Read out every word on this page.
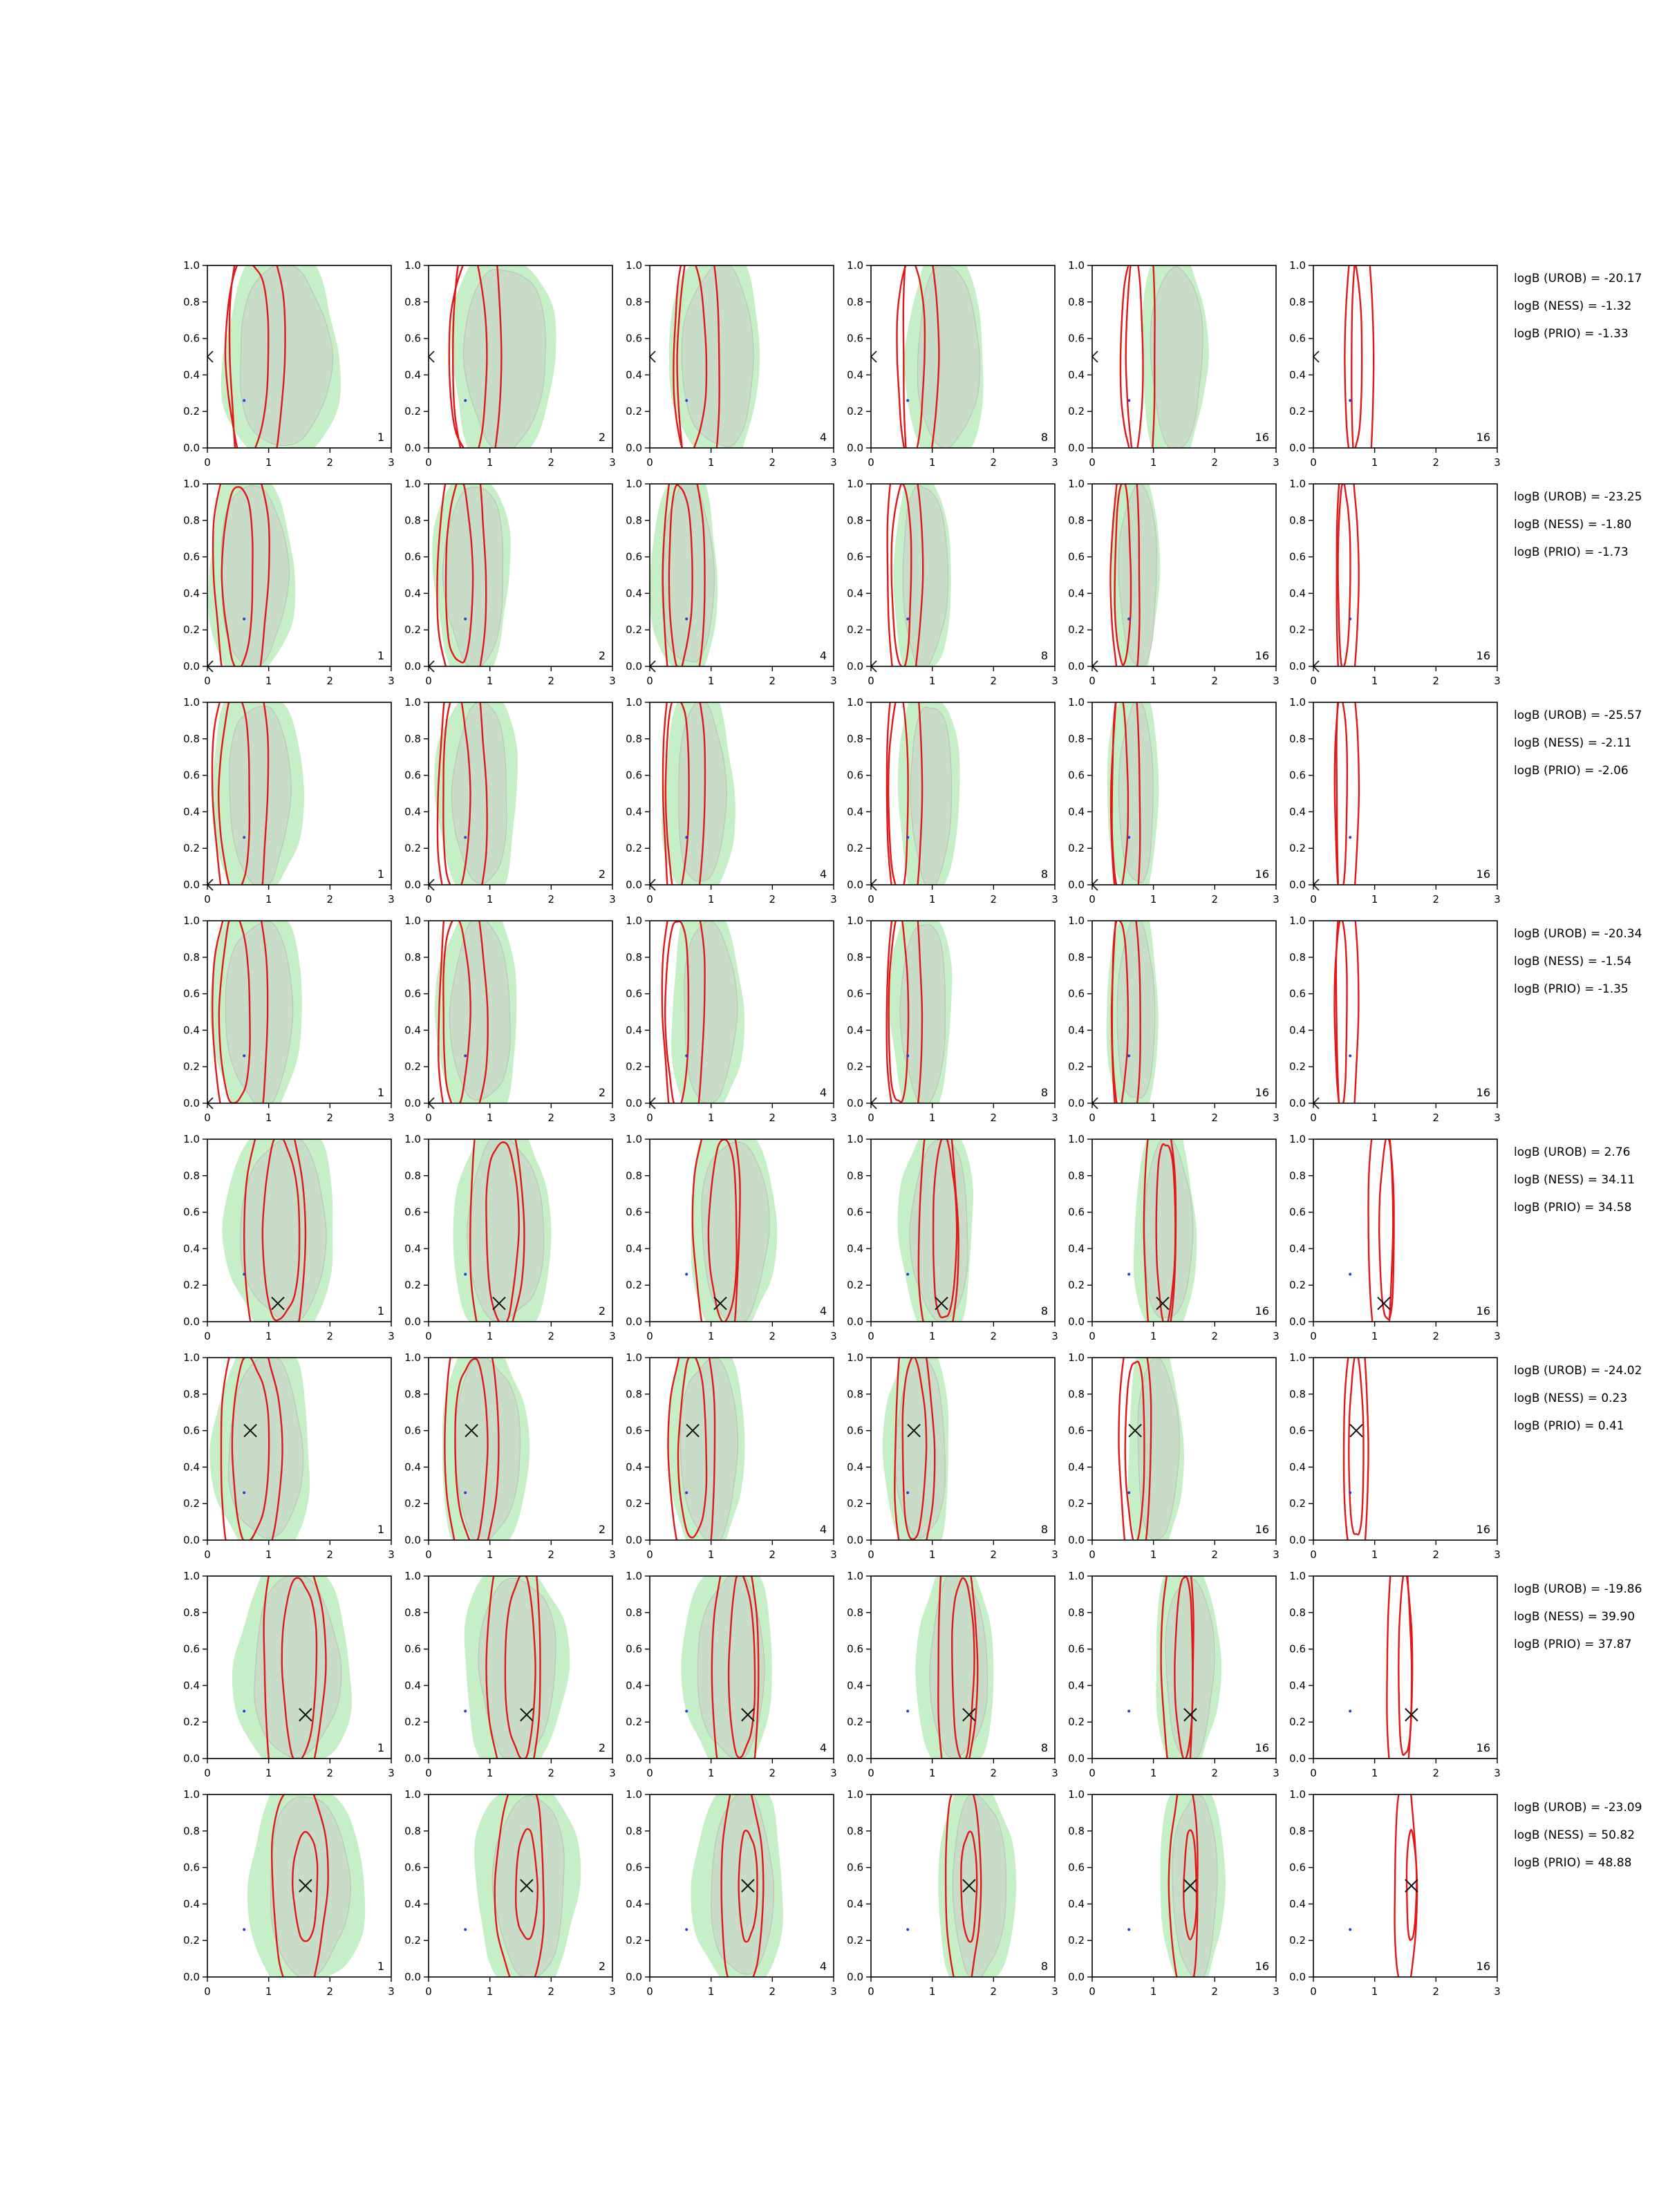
0	1	2	3
0.0
0.2
0.4
0.6
0.8
1.0
1
0	1	2	3
0.0
0.2
0.4
0.6
0.8
1.0
2
0	1	2	3
0.0
0.2
0.4
0.6
0.8
1.0
4
0	1	2	3
0.0
0.2
0.4
0.6
0.8
1.0
8
0	1	2	3
0.0
0.2
0.4
0.6
0.8
1.0
16
0	1	2	3
0.0
0.2
0.4
0.6
0.8
1.0
16
logB (UROB) = -20.17
logB (NESS) = -1.32
logB (PRIO) = -1.33
0	1	2	3
0.0
0.2
0.4
0.6
0.8
1.0
1
0	1	2	3
0.0
0.2
0.4
0.6
0.8
1.0
2
0	1	2	3
0.0
0.2
0.4
0.6
0.8
1.0
4
0	1	2	3
0.0
0.2
0.4
0.6
0.8
1.0
8
0	1	2	3
0.0
0.2
0.4
0.6
0.8
1.0
16
0	1	2	3
0.0
0.2
0.4
0.6
0.8
1.0
16
logB (UROB) = -23.25
logB (NESS) = -1.80
logB (PRIO) = -1.73
0	1	2	3
0.0
0.2
0.4
0.6
0.8
1.0
1
0	1	2	3
0.0
0.2
0.4
0.6
0.8
1.0
2
0	1	2	3
0.0
0.2
0.4
0.6
0.8
1.0
4
0	1	2	3
0.0
0.2
0.4
0.6
0.8
1.0
8
0	1	2	3
0.0
0.2
0.4
0.6
0.8
1.0
16
0	1	2	3
0.0
0.2
0.4
0.6
0.8
1.0
16
logB (UROB) = -25.57
logB (NESS) = -2.11
logB (PRIO) = -2.06
0	1	2	3
0.0
0.2
0.4
0.6
0.8
1.0
1
0	1	2	3
0.0
0.2
0.4
0.6
0.8
1.0
2
0	1	2	3
0.0
0.2
0.4
0.6
0.8
1.0
4
0	1	2	3
0.0
0.2
0.4
0.6
0.8
1.0
8
0	1	2	3
0.0
0.2
0.4
0.6
0.8
1.0
16
0	1	2	3
0.0
0.2
0.4
0.6
0.8
1.0
16
logB (UROB) = -20.34
logB (NESS) = -1.54
logB (PRIO) = -1.35
0	1	2	3
0.0
0.2
0.4
0.6
0.8
1.0
1
0	1	2	3
0.0
0.2
0.4
0.6
0.8
1.0
2
0	1	2	3
0.0
0.2
0.4
0.6
0.8
1.0
4
0	1	2	3
0.0
0.2
0.4
0.6
0.8
1.0
8
0	1	2	3
0.0
0.2
0.4
0.6
0.8
1.0
16
0	1	2	3
0.0
0.2
0.4
0.6
0.8
1.0
16
logB (UROB) = 2.76
logB (NESS) = 34.11
logB (PRIO) = 34.58
0	1	2	3
0.0
0.2
0.4
0.6
0.8
1.0
1
0	1	2	3
0.0
0.2
0.4
0.6
0.8
1.0
2
0	1	2	3
0.0
0.2
0.4
0.6
0.8
1.0
4
0	1	2	3
0.0
0.2
0.4
0.6
0.8
1.0
8
0	1	2	3
0.0
0.2
0.4
0.6
0.8
1.0
16
0	1	2	3
0.0
0.2
0.4
0.6
0.8
1.0
16
logB (UROB) = -24.02
logB (NESS) = 0.23
logB (PRIO) = 0.41
0	1	2	3
0.0
0.2
0.4
0.6
0.8
1.0
1
0	1	2	3
0.0
0.2
0.4
0.6
0.8
1.0
2
0	1	2	3
0.0
0.2
0.4
0.6
0.8
1.0
4
0	1	2	3
0.0
0.2
0.4
0.6
0.8
1.0
8
0	1	2	3
0.0
0.2
0.4
0.6
0.8
1.0
16
0	1	2	3
0.0
0.2
0.4
0.6
0.8
1.0
16
logB (UROB) = -19.86
logB (NESS) = 39.90
logB (PRIO) = 37.87
0	1	2	3
0.0
0.2
0.4
0.6
0.8
1.0
1
0	1	2	3
0.0
0.2
0.4
0.6
0.8
1.0
2
0	1	2	3
0.0
0.2
0.4
0.6
0.8
1.0
4
0	1	2	3
0.0
0.2
0.4
0.6
0.8
1.0
8
0	1	2	3
0.0
0.2
0.4
0.6
0.8
1.0
16
0	1	2	3
0.0
0.2
0.4
0.6
0.8
1.0
16
logB (UROB) = -23.09
logB (NESS) = 50.82
logB (PRIO) = 48.88
